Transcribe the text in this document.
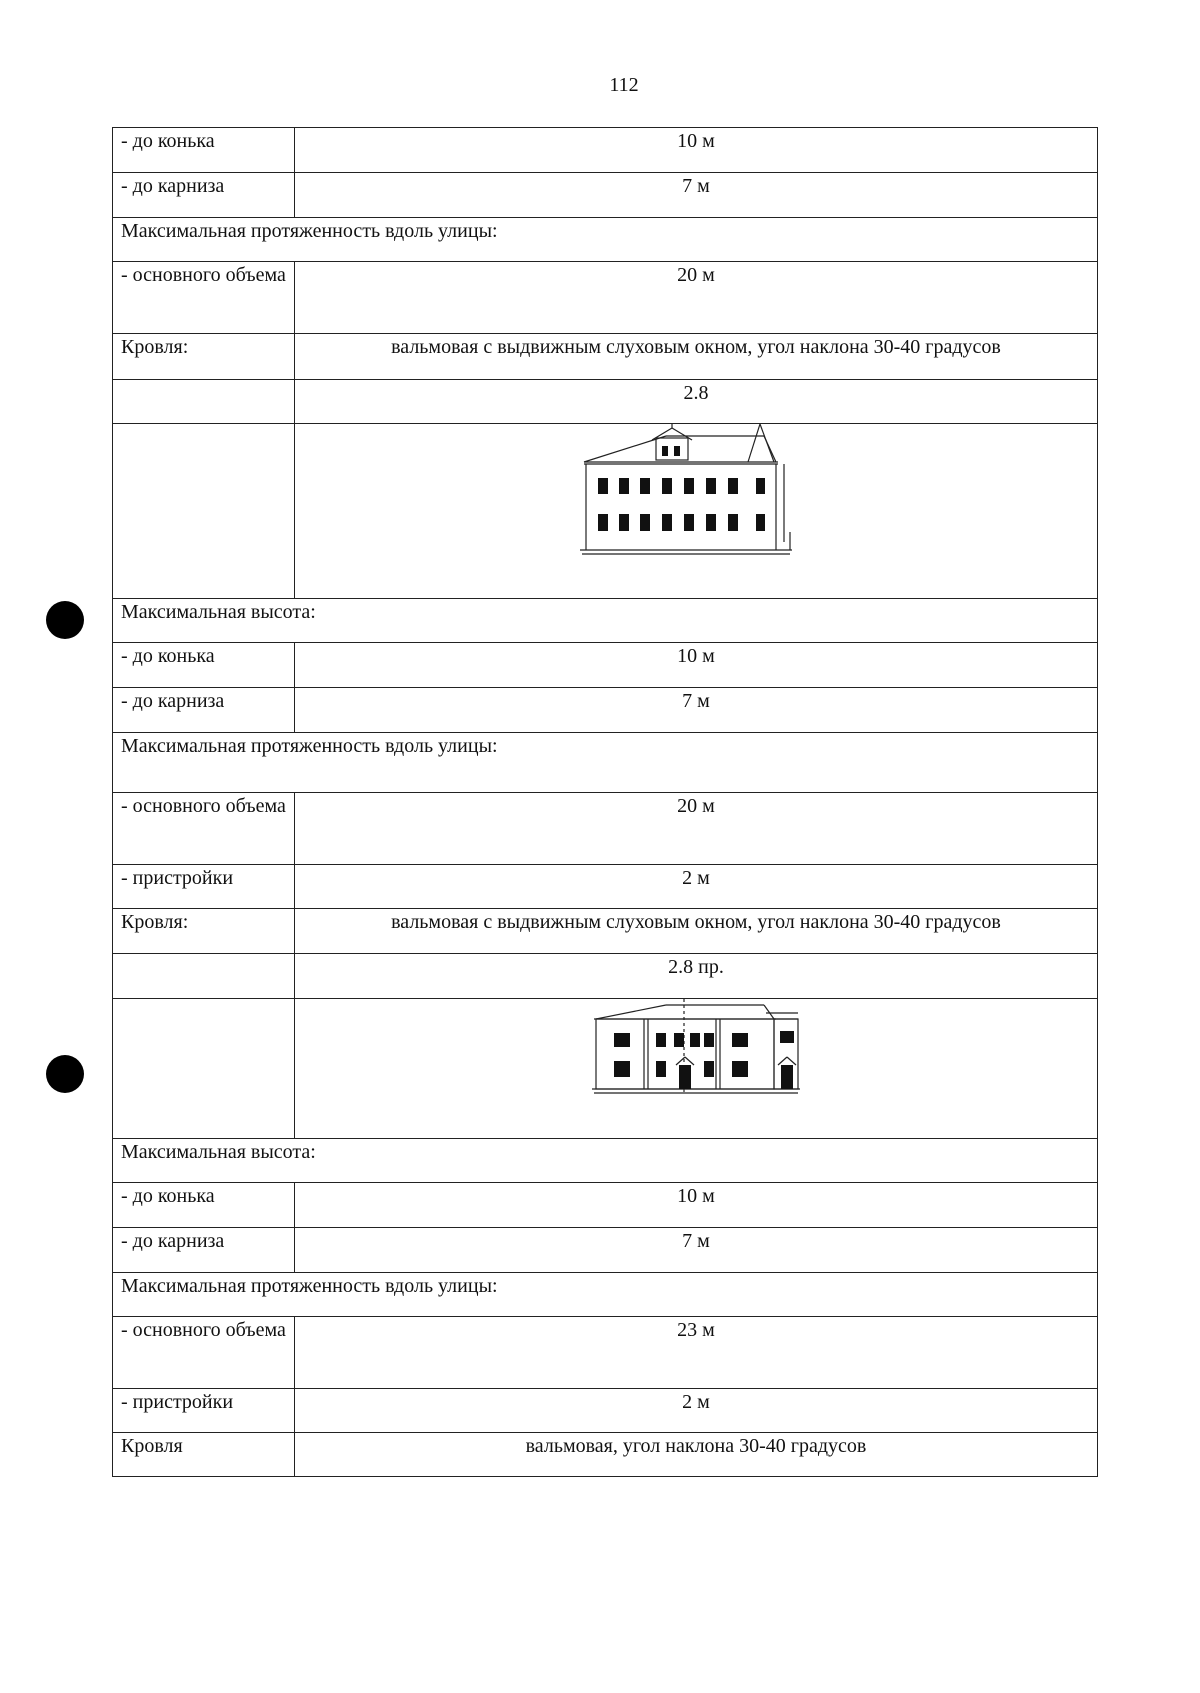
112
- до конька	10 м
- до карниза	7 м
Максимальная протяженность вдоль улицы:	
- основного объема	20 м
Кровля:	вальмовая с выдвижным слуховым окном, угол наклона 30-40 градусов
	2.8

Максимальная высота:	
- до конька	10 м
- до карниза	7 м
Максимальная протяженность вдоль улицы:	
- основного объема	20 м
- пристройки	2 м
Кровля:	вальмовая с выдвижным слуховым окном, угол наклона 30-40 градусов
	2.8 пр.

Максимальная высота:	
- до конька	10 м
- до карниза	7 м
Максимальная протяженность вдоль улицы:	
- основного объема	23 м
- пристройки	2 м
Кровля	вальмовая, угол наклона 30-40 градусов
